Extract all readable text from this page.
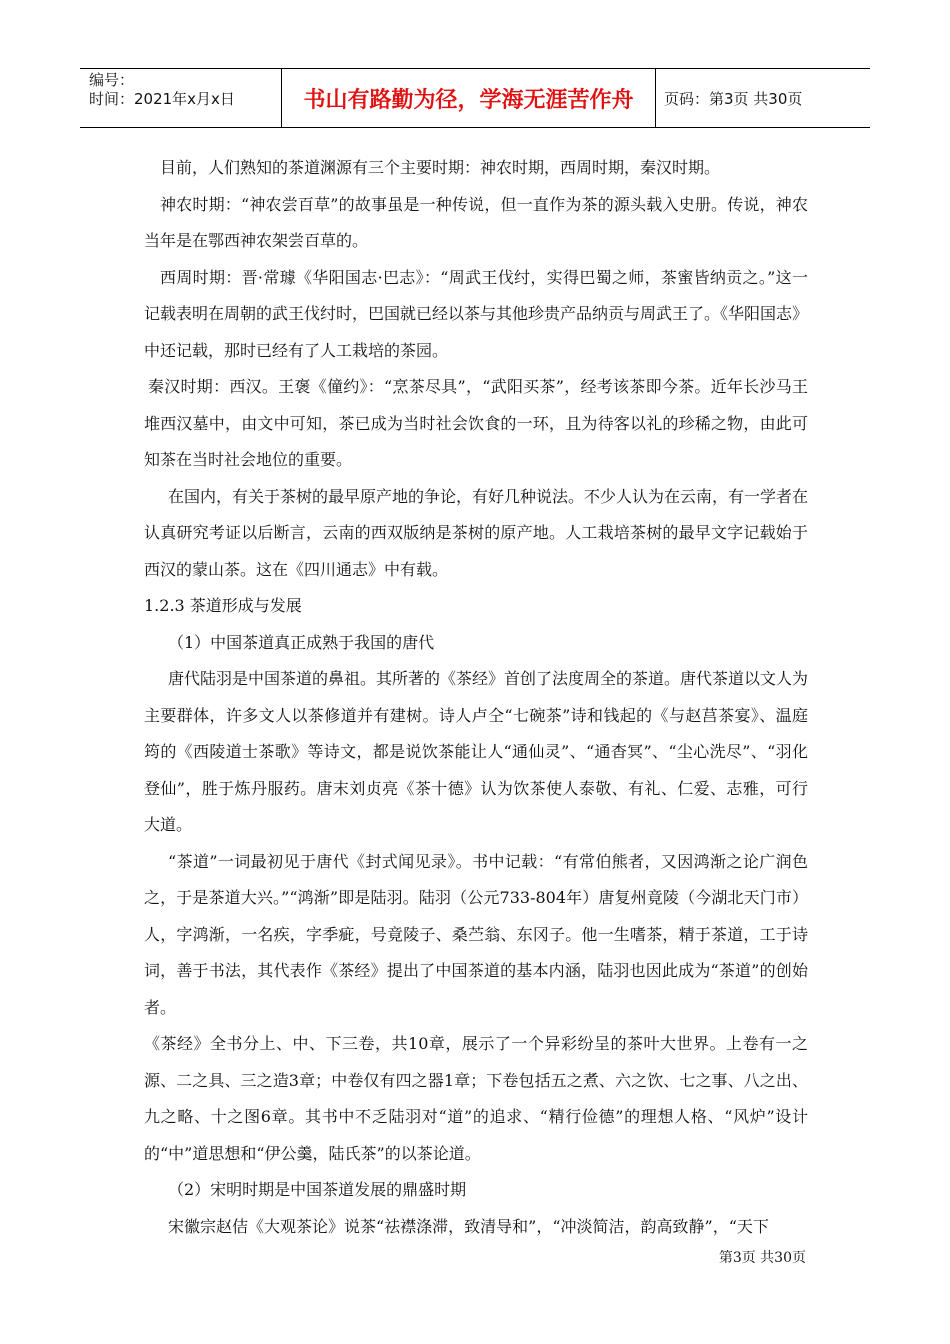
编号：
时间：2021年x月x日	书山有路勤为径，学海无涯苦作舟 页码：第3页 共30页

目前，人们熟知的茶道渊源有三个主要时期：神农时期，西周时期，秦汉时期。

神农时期：“神农尝百草”的故事虽是一种传说，但一直作为茶的源头载入史册。传说，神农当年是在鄂西神农架尝百草的。

西周时期：晋·常璩《华阳国志·巴志》：“周武王伐纣，实得巴蜀之师，茶蜜皆纳贡之。”这一记载表明在周朝的武王伐纣时，巴国就已经以茶与其他珍贵产品纳贡与周武王了。《华阳国志》中还记载，那时已经有了人工栽培的茶园。

秦汉时期：西汉。王褒《僮约》：“烹茶尽具”，“武阳买茶”，经考该茶即今茶。近年长沙马王堆西汉墓中，由文中可知，茶已成为当时社会饮食的一环，且为待客以礼的珍稀之物，由此可知茶在当时社会地位的重要。

在国内，有关于茶树的最早原产地的争论，有好几种说法。不少人认为在云南，有一学者在认真研究考证以后断言，云南的西双版纳是茶树的原产地。人工栽培茶树的最早文字记载始于西汉的蒙山茶。这在《四川通志》中有载。

1.2.3 茶道形成与发展

（1）中国茶道真正成熟于我国的唐代

唐代陆羽是中国茶道的鼻祖。其所著的《茶经》首创了法度周全的茶道。唐代茶道以文人为主要群体，许多文人以茶修道并有建树。诗人卢仝“七碗茶”诗和钱起的《与赵莒茶宴》、温庭筠的《西陵道士茶歌》等诗文，都是说饮茶能让人“通仙灵”、“通杳冥”、“尘心洗尽”、“羽化登仙”，胜于炼丹服药。唐末刘贞亮《茶十德》认为饮茶使人泰敬、有礼、仁爱、志雅，可行大道。

“茶道”一词最初见于唐代《封式闻见录》。书中记载：“有常伯熊者，又因鸿渐之论广润色之，于是茶道大兴。”“鸿渐”即是陆羽。陆羽（公元733-804年）唐复州竟陵（今湖北天门市）人，字鸿渐，一名疾，字季疵，号竟陵子、桑苎翁、东冈子。他一生嗜茶，精于茶道，工于诗词，善于书法，其代表作《茶经》提出了中国茶道的基本内涵，陆羽也因此成为“茶道”的创始者。

《茶经》全书分上、中、下三卷，共10章，展示了一个异彩纷呈的茶叶大世界。上卷有一之源、二之具、三之造3章；中卷仅有四之器1章；下卷包括五之煮、六之饮、七之事、八之出、九之略、十之图6章。其书中不乏陆羽对“道”的追求、“精行俭德”的理想人格、“风炉”设计的“中”道思想和“伊公羹，陆氏茶”的以茶论道。

（2）宋明时期是中国茶道发展的鼎盛时期

宋徽宗赵佶《大观茶论》说茶“祛襟涤滞，致清导和”，“冲淡简洁，韵高致静”，“天下

第3页 共30页
